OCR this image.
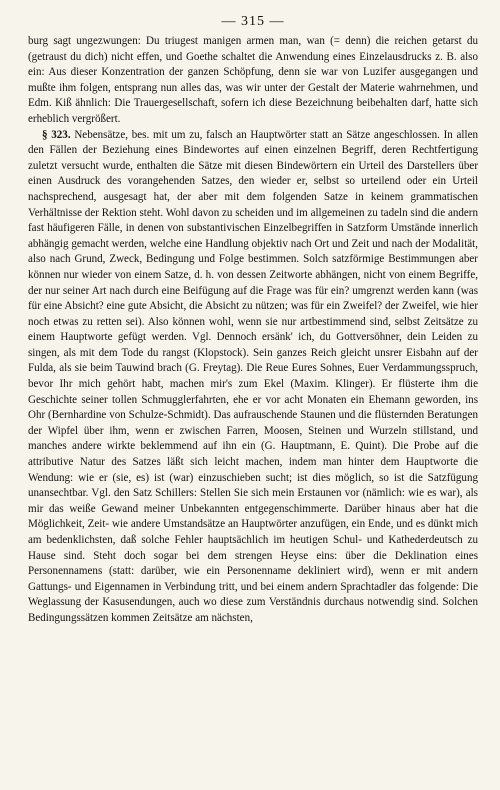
— 315 —

burg sagt ungezwungen: Du triugest manigen armen man, wan (= denn) die reichen getarst du (getraust du dich) nicht effen, und Goethe schaltet die Anwendung eines Einzelausdrucks z. B. also ein: Aus dieser Konzentration der ganzen Schöpfung, denn sie war von Luzifer ausgegangen und mußte ihm folgen, entsprang nun alles das, was wir unter der Gestalt der Materie wahrnehmen, und Edm. Kiß ähnlich: Die Trauergesellschaft, sofern ich diese Bezeichnung beibehalten darf, hatte sich erheblich vergrößert.

§ 323. Nebensätze, bes. mit um zu, falsch an Hauptwörter statt an Sätze angeschlossen. In allen den Fällen der Beziehung eines Bindewortes auf einen einzelnen Begriff, deren Rechtfertigung zuletzt versucht wurde, enthalten die Sätze mit diesen Bindewörtern ein Urteil des Darstellers über einen Ausdruck des vorangehenden Satzes, den wieder er, selbst so urteilend oder ein Urteil nachsprechend, ausgesagt hat, der aber mit dem folgenden Satze in keinem grammatischen Verhältnisse der Rektion steht. Wohl davon zu scheiden und im allgemeinen zu tadeln sind die andern fast häufigeren Fälle, in denen von substantivischen Einzelbegriffen in Satzform Umstände innerlich abhängig gemacht werden, welche eine Handlung objektiv nach Ort und Zeit und nach der Modalität, also nach Grund, Zweck, Bedingung und Folge bestimmen. Solch satzförmige Bestimmungen aber können nur wieder von einem Satze, d. h. von dessen Zeitworte abhängen, nicht von einem Begriffe, der nur seiner Art nach durch eine Beifügung auf die Frage was für ein? umgrenzt werden kann (was für eine Absicht? eine gute Absicht, die Absicht zu nützen; was für ein Zweifel? der Zweifel, wie hier noch etwas zu retten sei). Also können wohl, wenn sie nur artbestimmend sind, selbst Zeitsätze zu einem Hauptworte gefügt werden. Vgl. Dennoch ersänk' ich, du Gottversöhner, dein Leiden zu singen, als mit dem Tode du rangst (Klopstock). Sein ganzes Reich gleicht unsrer Eisbahn auf der Fulda, als sie beim Tauwind brach (G. Freytag). Die Reue Eures Sohnes, Euer Verdammungsspruch, bevor Ihr mich gehört habt, machen mir's zum Ekel (Maxim. Klinger). Er flüsterte ihm die Geschichte seiner tollen Schmugglerfahrten, ehe er vor acht Monaten ein Ehemann geworden, ins Ohr (Bernhardine von Schulze-Schmidt). Das aufrauschende Staunen und die flüsternden Beratungen der Wipfel über ihm, wenn er zwischen Farren, Moosen, Steinen und Wurzeln stillstand, und manches andere wirkte beklemmend auf ihn ein (G. Hauptmann, E. Quint). Die Probe auf die attributive Natur des Satzes läßt sich leicht machen, indem man hinter dem Hauptworte die Wendung: wie er (sie, es) ist (war) einzuschieben sucht; ist dies möglich, so ist die Satzfügung unansechtbar. Vgl. den Satz Schillers: Stellen Sie sich mein Erstaunen vor (nämlich: wie es war), als mir das weiße Gewand meiner Unbekannten entgegenschimmerte. Darüber hinaus aber hat die Möglichkeit, Zeit- wie andere Umstandsätze an Hauptwörter anzufügen, ein Ende, und es dünkt mich am bedenklichsten, daß solche Fehler hauptsächlich im heutigen Schul- und Kathederdeutsch zu Hause sind. Steht doch sogar bei dem strengen Heyse eins: über die Deklination eines Personennamens (statt: darüber, wie ein Personenname dekliniert wird), wenn er mit andern Gattungs- und Eigennamen in Verbindung tritt, und bei einem andern Sprachtadler das folgende: Die Weglassung der Kasusendungen, auch wo diese zum Verständnis durchaus notwendig sind. Solchen Bedingungssätzen kommen Zeitsätze am nächsten,
